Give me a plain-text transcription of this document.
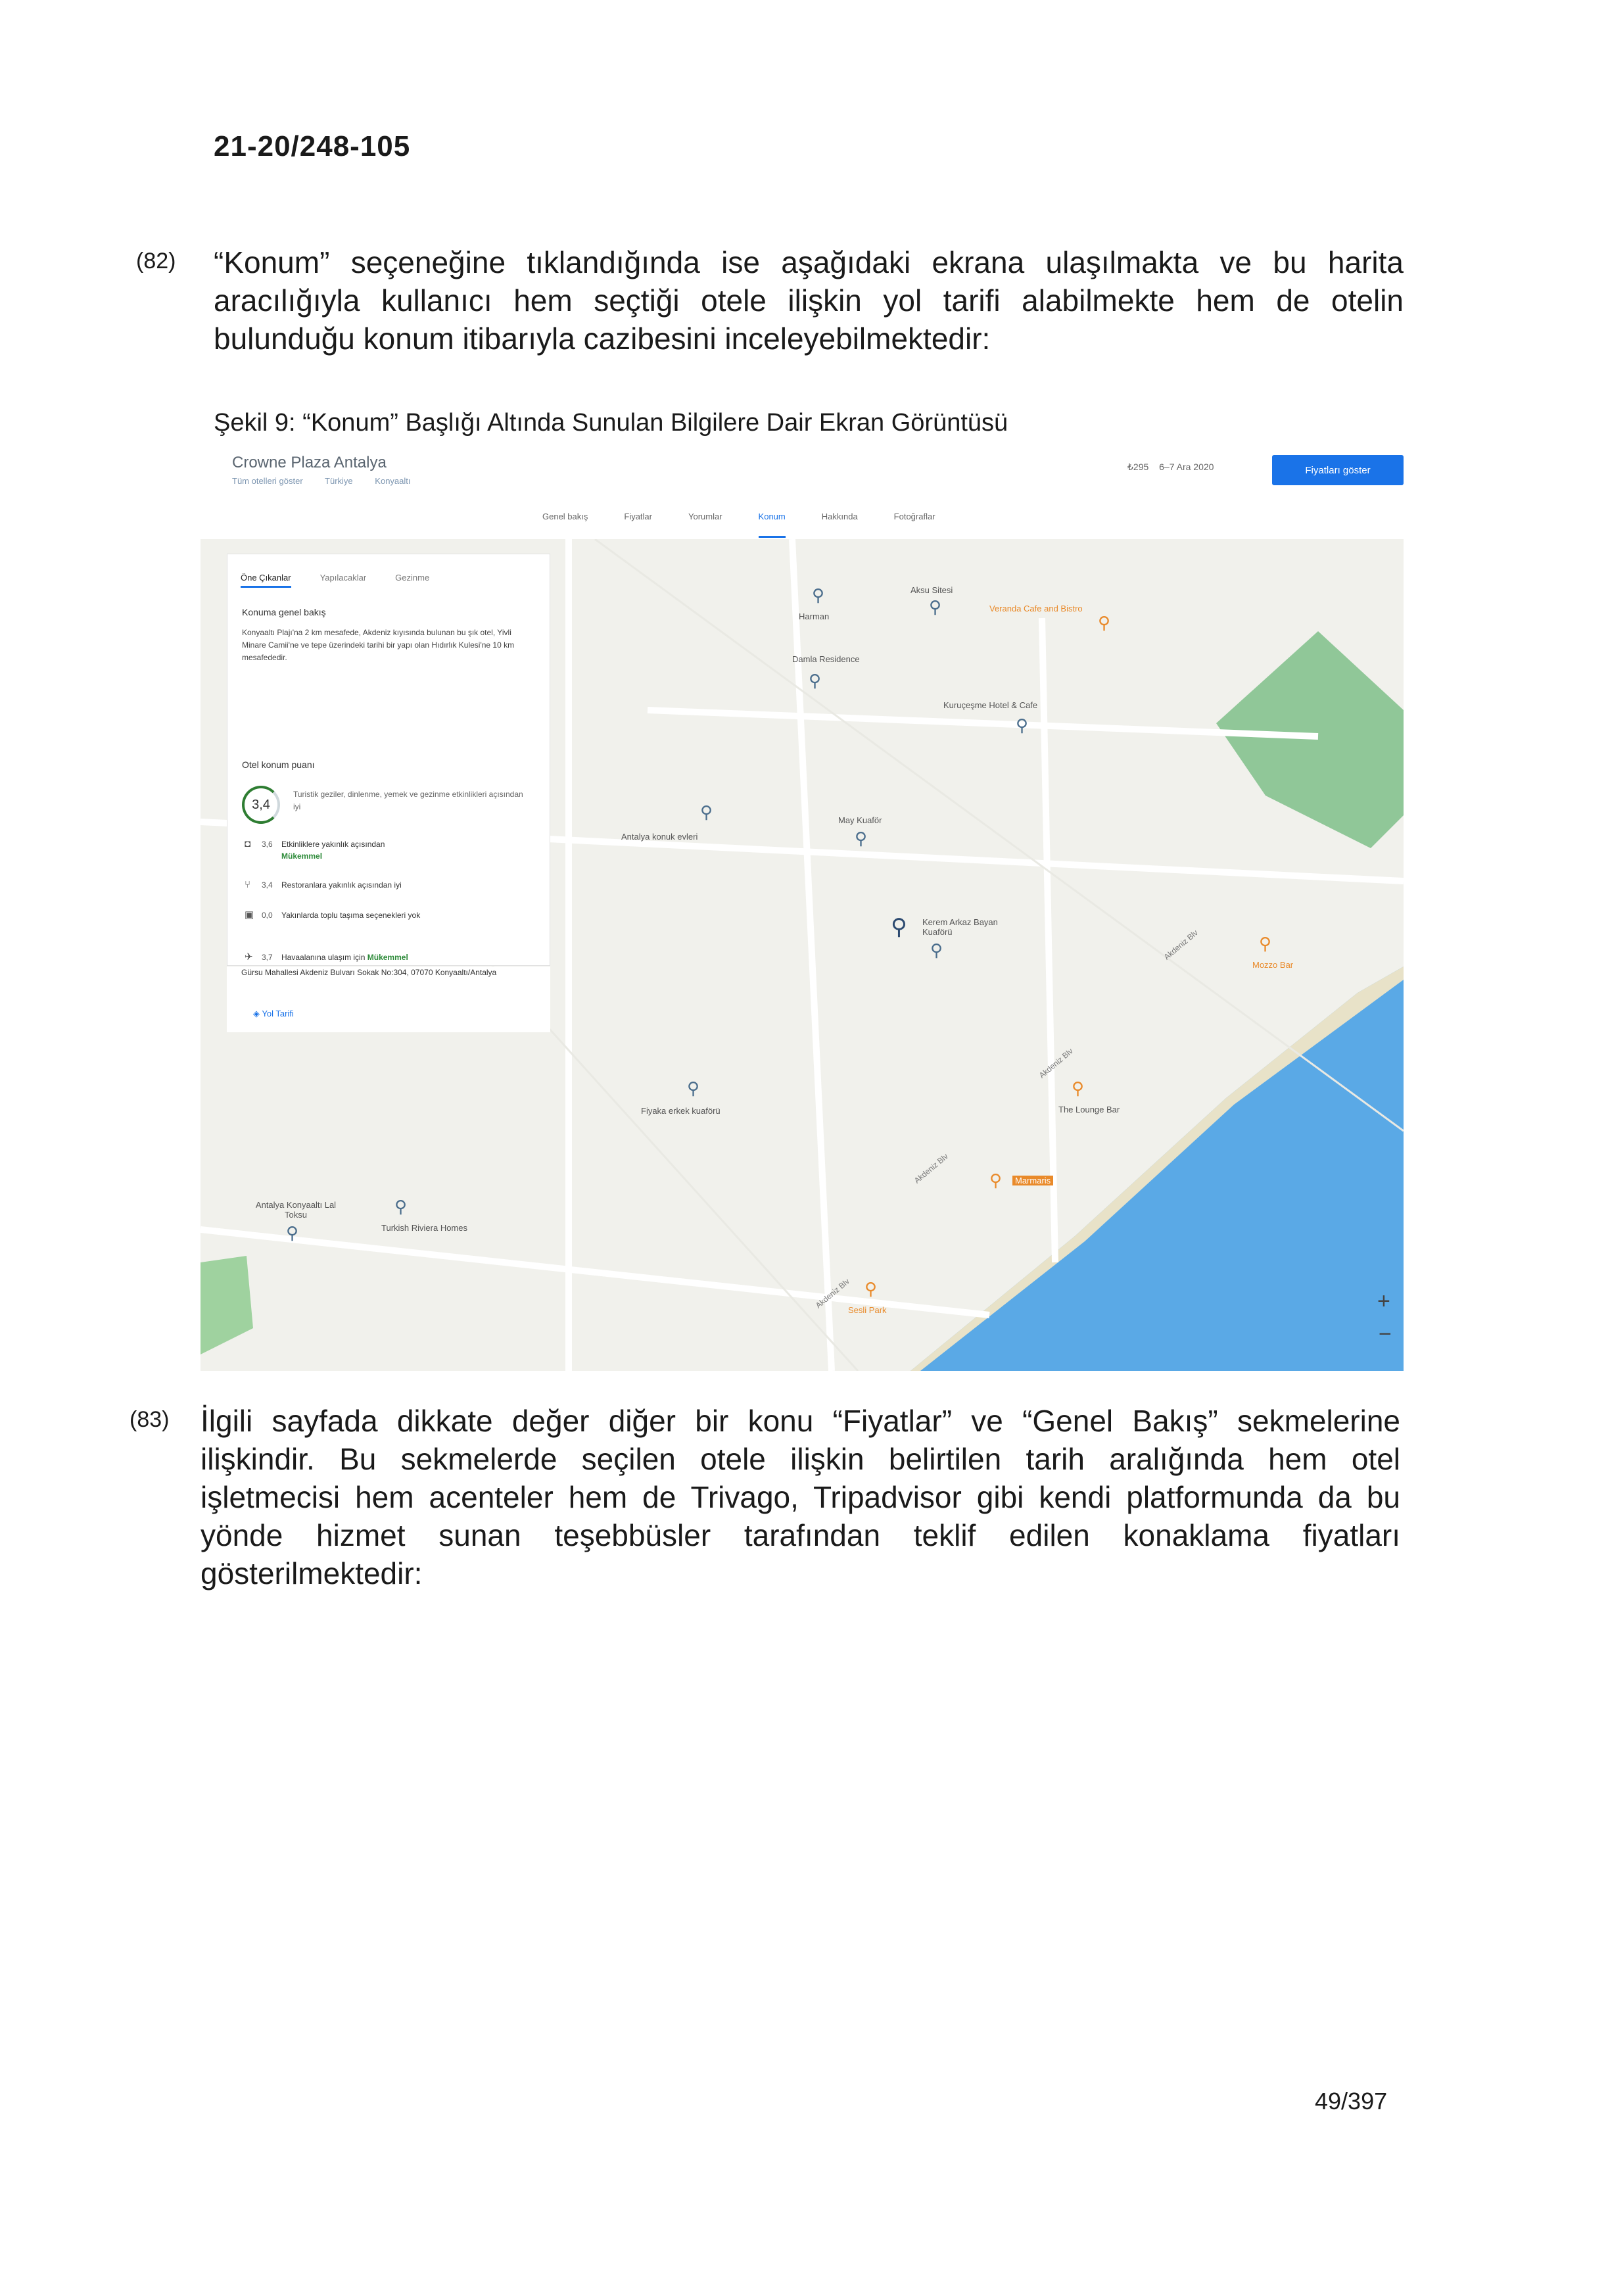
21-20/248-105
(82) “Konum” seçeneğine tıklandığında ise aşağıdaki ekrana ulaşılmakta ve bu harita
aracılığıyla kullanıcı hem seçtiği otele ilişkin yol tarifi alabilmekte hem de otelin
bulunduğu konum itibarıyla cazibesini inceleyebilmektedir:
Şekil 9: “Konum” Başlığı Altında Sunulan Bilgilere Dair Ekran Görüntüsü
Crowne Plaza Antalya
Tüm otelleri göster	Türkiye	Konyaaltı
₺295 6–7 Ara 2020	Fiyatları göster
Genel bakış	Fiyatlar	Yorumlar	Konum	Hakkında	Fotoğraflar
⚲
Harman	⚲
Aksu Sitesi
Veranda Cafe and Bistro
⚲
Damla Residence
⚲
Kuruçeşme Hotel & Cafe
⚲
⚲
Antalya konuk evleri
May Kuaför
⚲
⚲ Kerem Arkaz Bayan Kuaförü
⚲
⚲
Fiyaka erkek kuaförü
Antalya Konyaaltı Lal Toksu
⚲
⚲
Turkish Riviera Homes
⚲
The Lounge Bar
⚲	Marmaris
⚲
Mozzo Bar
⚲
Sesli Park
Akdeniz Blv
Akdeniz Blv
Akdeniz Blv
Akdeniz Blv	+
−
Öne Çıkanlar	Yapılacaklar	Gezinme
Konuma genel bakış
Konyaaltı Plajı'na 2 km mesafede, Akdeniz kıyısında bulunan bu şık otel, Yivli Minare Camii'ne ve tepe üzerindeki tarihi bir yapı olan Hıdırlık Kulesi'ne 10 km mesafededir.
Otel konum puanı
3,4
Turistik geziler, dinlenme, yemek ve gezinme etkinlikleri açısından iyi
◘	3,6	Etkinliklere yakınlık açısından
Mükemmel
⑂	3,4	Restoranlara yakınlık açısından iyi
▣ 0,0	Yakınlarda toplu taşıma seçenekleri yok
✈	3,7	Havaalanına ulaşım için Mükemmel
Gürsu Mahallesi Akdeniz Bulvarı Sokak No:304, 07070 Konyaaltı/Antalya
◈ Yol Tarifi
(83) İlgili sayfada dikkate değer diğer bir konu “Fiyatlar” ve “Genel Bakış” sekmelerine
ilişkindir. Bu sekmelerde seçilen otele ilişkin belirtilen tarih aralığında hem otel
işletmecisi hem acenteler hem de Trivago, Tripadvisor gibi kendi platformunda da bu
yönde hizmet sunan teşebbüsler tarafından teklif edilen konaklama fiyatları
gösterilmektedir:
49/397
